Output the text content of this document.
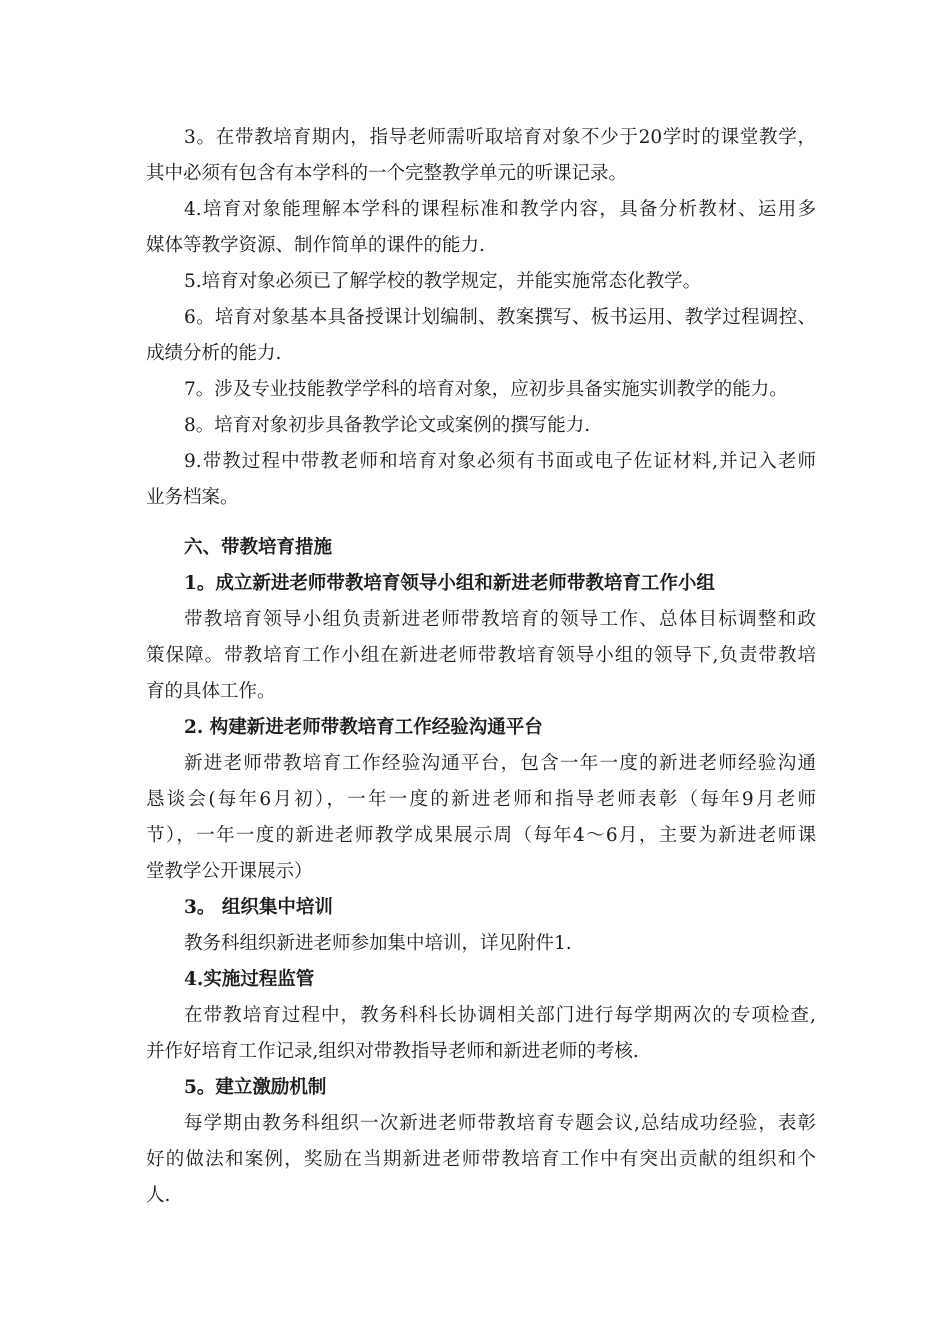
3。在带教培育期内，指导老师需听取培育对象不少于20学时的课堂教学，
其中必须有包含有本学科的一个完整教学单元的听课记录。
4.培育对象能理解本学科的课程标准和教学内容，具备分析教材、运用多
媒体等教学资源、制作简单的课件的能力.
5.培育对象必须已了解学校的教学规定，并能实施常态化教学。
6。培育对象基本具备授课计划编制、教案撰写、板书运用、教学过程调控、
成绩分析的能力.
7。涉及专业技能教学学科的培育对象，应初步具备实施实训教学的能力。
8。培育对象初步具备教学论文或案例的撰写能力.
9.带教过程中带教老师和培育对象必须有书面或电子佐证材料,并记入老师
业务档案。
六、带教培育措施
1。成立新进老师带教培育领导小组和新进老师带教培育工作小组
带教培育领导小组负责新进老师带教培育的领导工作、总体目标调整和政
策保障。带教培育工作小组在新进老师带教培育领导小组的领导下,负责带教培
育的具体工作。
2. 构建新进老师带教培育工作经验沟通平台
新进老师带教培育工作经验沟通平台，包含一年一度的新进老师经验沟通
恳谈会(每年6月初），一年一度的新进老师和指导老师表彰（每年9月老师
节），一年一度的新进老师教学成果展示周（每年4～6月，主要为新进老师课
堂教学公开课展示）
3。 组织集中培训
教务科组织新进老师参加集中培训，详见附件1.
4.实施过程监管
在带教培育过程中，教务科科长协调相关部门进行每学期两次的专项检查,
并作好培育工作记录,组织对带教指导老师和新进老师的考核.
5。建立激励机制
每学期由教务科组织一次新进老师带教培育专题会议,总结成功经验，表彰
好的做法和案例，奖励在当期新进老师带教培育工作中有突出贡献的组织和个
人.
